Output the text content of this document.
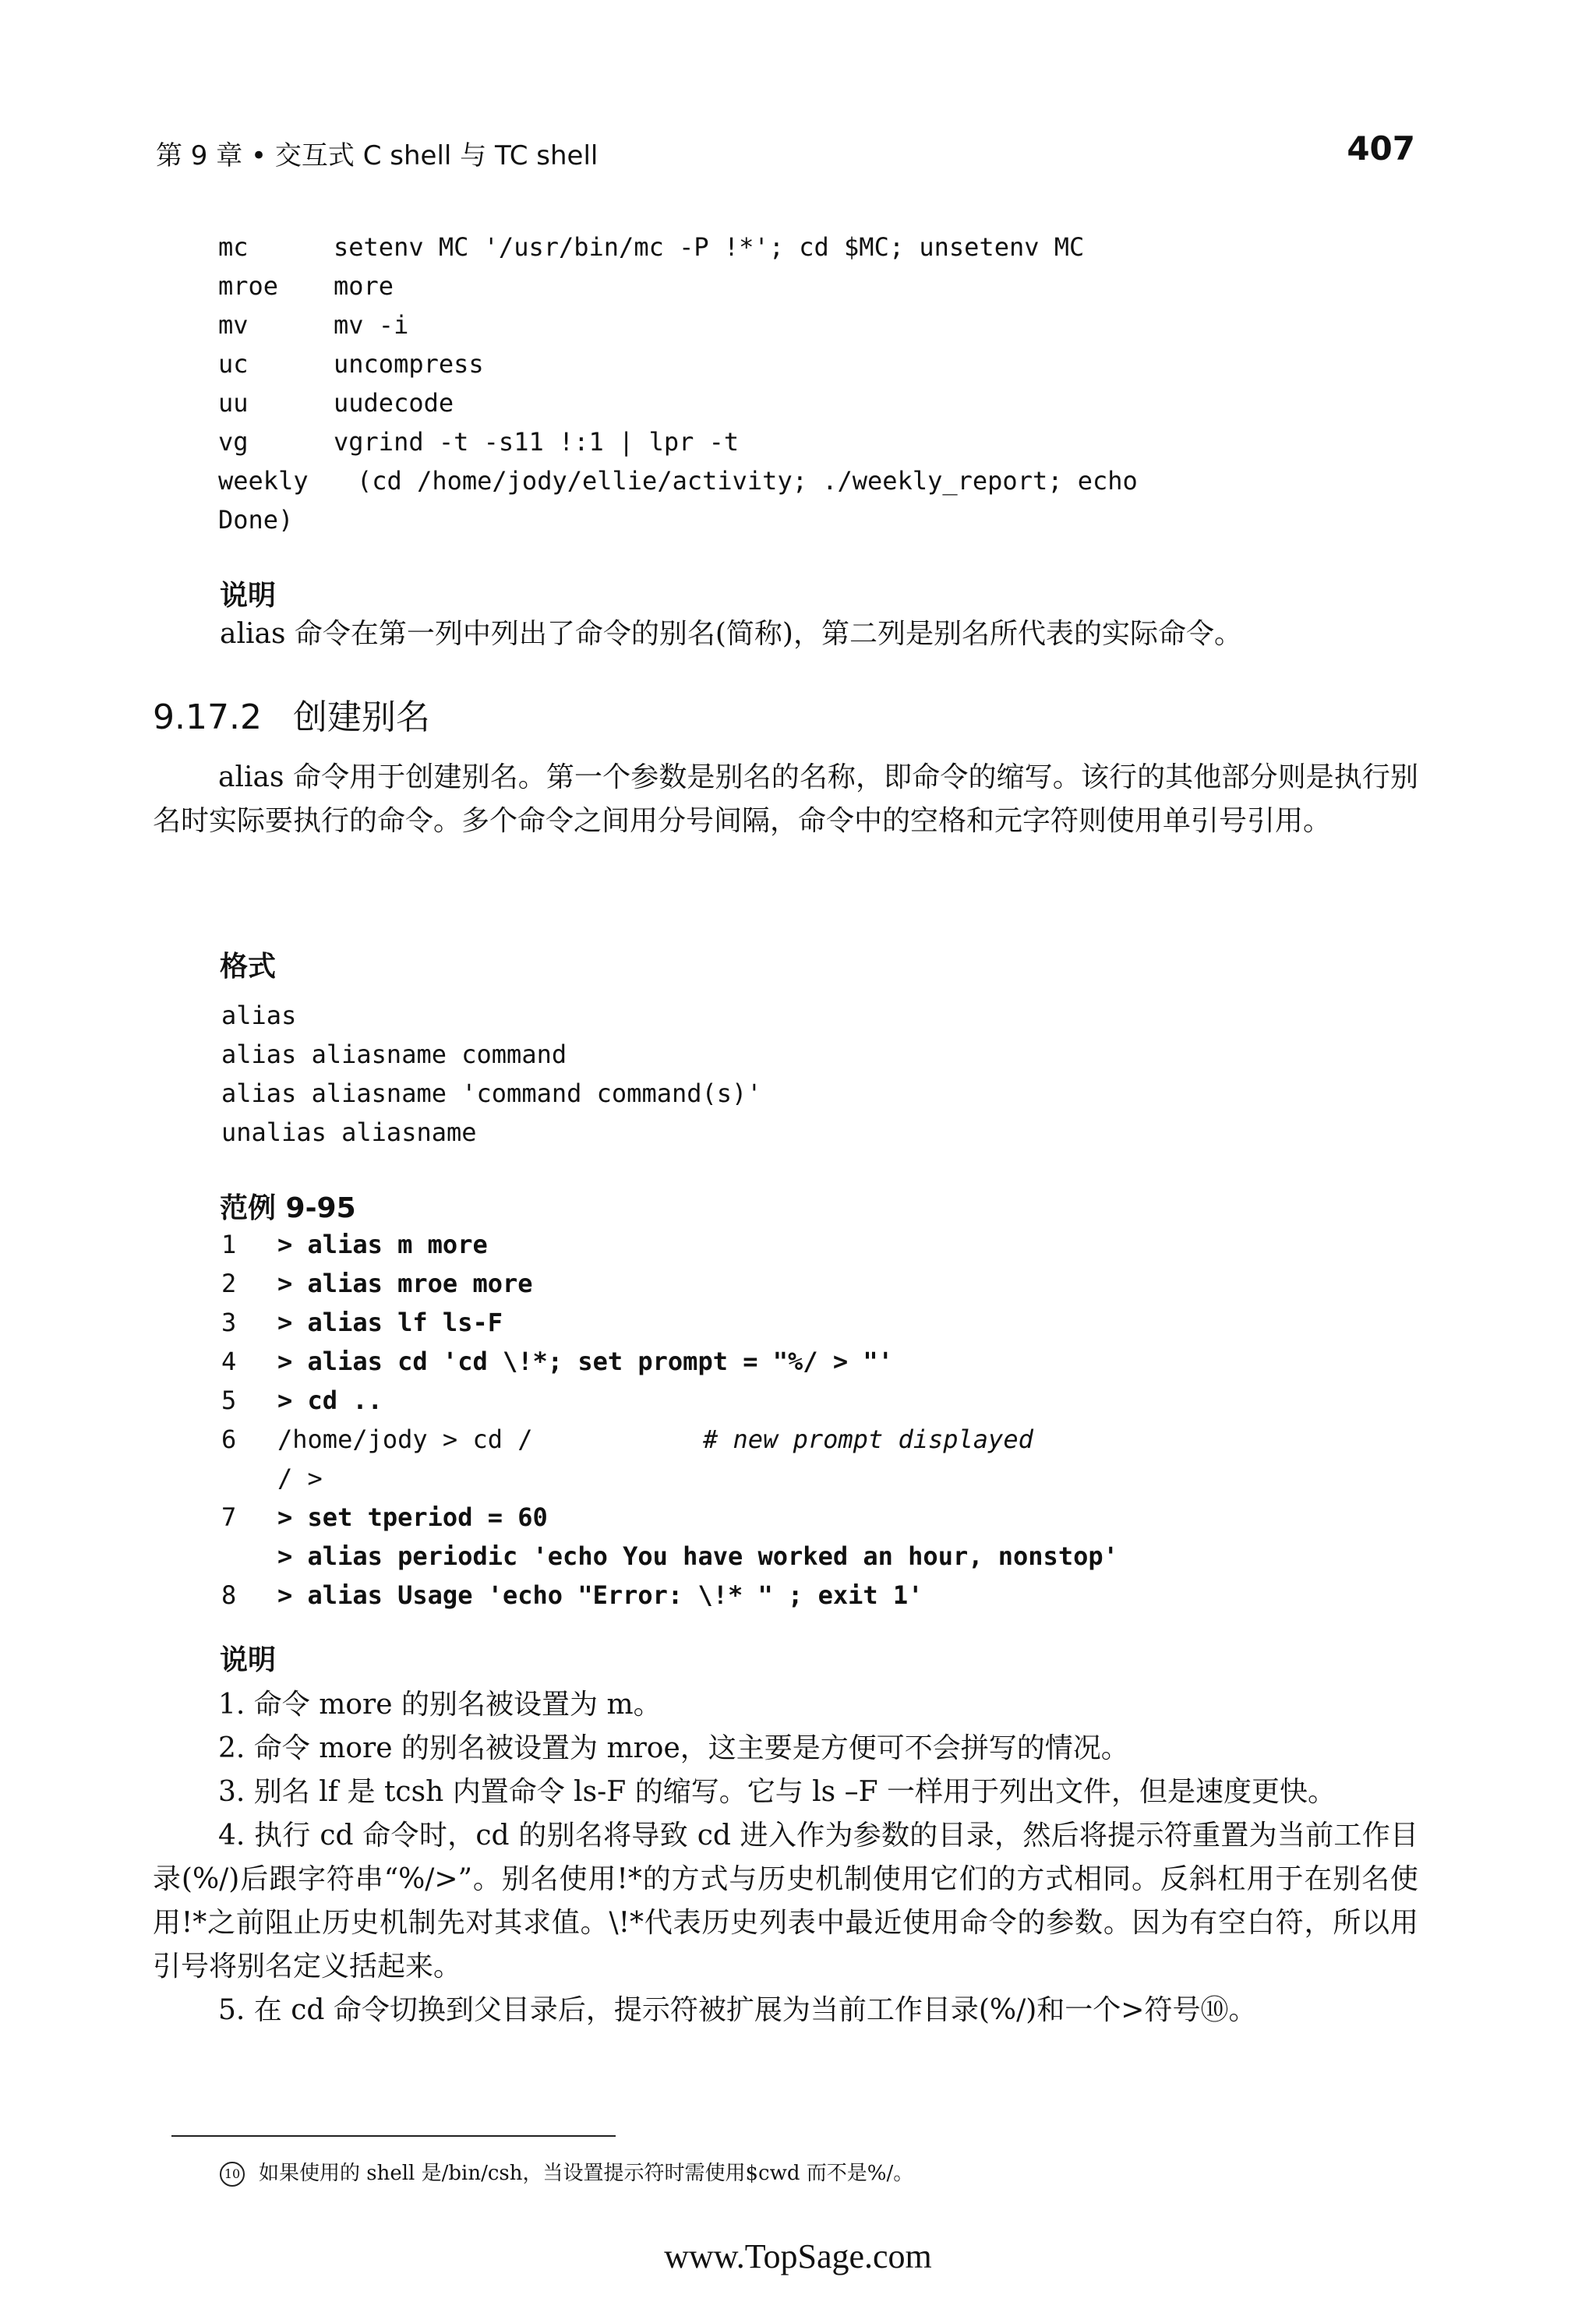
第 9 章 • 交互式 C shell 与 TC shell	407
mc	setenv MC '/usr/bin/mc -P !*'; cd $MC; unsetenv MC
mroe more
mv	mv -i
uc	uncompress
uu	uudecode
vg	vgrind -t -s11 !:1 | lpr -t
weekly (cd /home/jody/ellie/activity; ./weekly_report; echo
Done)
说明
alias 命令在第一列中列出了命令的别名(简称)，第二列是别名所代表的实际命令。
9.17.2 创建别名

alias 命令用于创建别名。第一个参数是别名的名称，即命令的缩写。该行的其他部分则是执行别名时实际要执行的命令。多个命令之间用分号间隔，命令中的空格和元字符则使用单引号引用。

格式
alias
alias aliasname command
alias aliasname 'command command(s)'
unalias aliasname
范例 9-95
1 > alias m more
2 > alias mroe more
3 > alias lf ls-F
4 > alias cd 'cd \!*; set prompt = "%/ > "'
5 > cd ..
6 /home/jody > cd /	# new prompt displayed
/ >
7 > set tperiod = 60
> alias periodic 'echo You have worked an hour, nonstop'
8 > alias Usage 'echo "Error: \!* " ; exit 1'
说明

1. 命令 more 的别名被设置为 m。

2. 命令 more 的别名被设置为 mroe，这主要是方便可不会拼写的情况。

3. 别名 lf 是 tcsh 内置命令 ls-F 的缩写。它与 ls –F 一样用于列出文件，但是速度更快。

4. 执行 cd 命令时，cd 的别名将导致 cd 进入作为参数的目录，然后将提示符重置为当前工作目录(%/)后跟字符串“%/>”。别名使用!*的方式与历史机制使用它们的方式相同。反斜杠用于在别名使用!*之前阻止历史机制先对其求值。\!*代表历史列表中最近使用命令的参数。因为有空白符，所以用引号将别名定义括起来。

5. 在 cd 命令切换到父目录后，提示符被扩展为当前工作目录(%/)和一个>符号⑩。

10 如果使用的 shell 是/bin/csh，当设置提示符时需使用$cwd 而不是%/。
www.TopSage.com
